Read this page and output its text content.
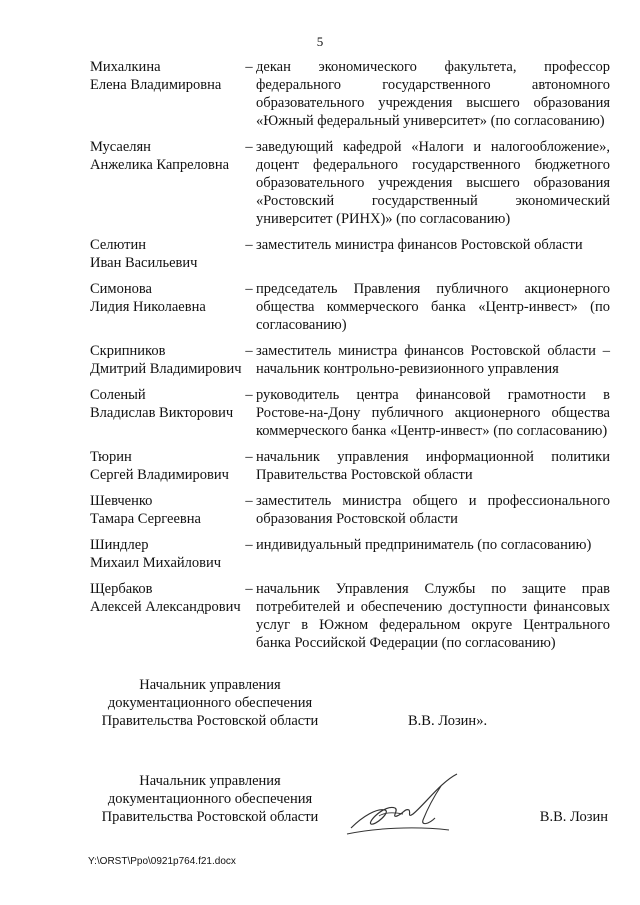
5
Михалкина
Елена Владимировна
– декан экономического факультета, профессор федерального государственного автономного образовательного учреждения высшего образования «Южный федеральный университет» (по согласованию)
Мусаелян
Анжелика Капреловна
– заведующий кафедрой «Налоги и налогообложение», доцент федерального государственного бюджетного образовательного учреждения высшего образования «Ростовский государственный экономический университет (РИНХ)» (по согласованию)
Селютин
Иван Васильевич
– заместитель министра финансов Ростовской области
Симонова
Лидия Николаевна
– председатель Правления публичного акционерного общества коммерческого банка «Центр-инвест» (по согласованию)
Скрипников
Дмитрий Владимирович
– заместитель министра финансов Ростовской области – начальник контрольно-ревизионного управления
Соленый
Владислав Викторович
– руководитель центра финансовой грамотности в Ростове-на-Дону публичного акционерного общества коммерческого банка «Центр-инвест» (по согласованию)
Тюрин
Сергей Владимирович
– начальник управления информационной политики Правительства Ростовской области
Шевченко
Тамара Сергеевна
– заместитель министра общего и профессионального образования Ростовской области
Шиндлер
Михаил Михайлович
– индивидуальный предприниматель (по согласованию)
Щербаков
Алексей Александрович
– начальник Управления Службы по защите прав потребителей и обеспечению доступности финансовых услуг в Южном федеральном округе Центрального банка Российской Федерации (по согласованию)
Начальник управления
документационного обеспечения
Правительства Ростовской области	В.В. Лозин».
Начальник управления
документационного обеспечения
Правительства Ростовской области	В.В. Лозин
Y:\ORST\Ppo\0921p764.f21.docx
